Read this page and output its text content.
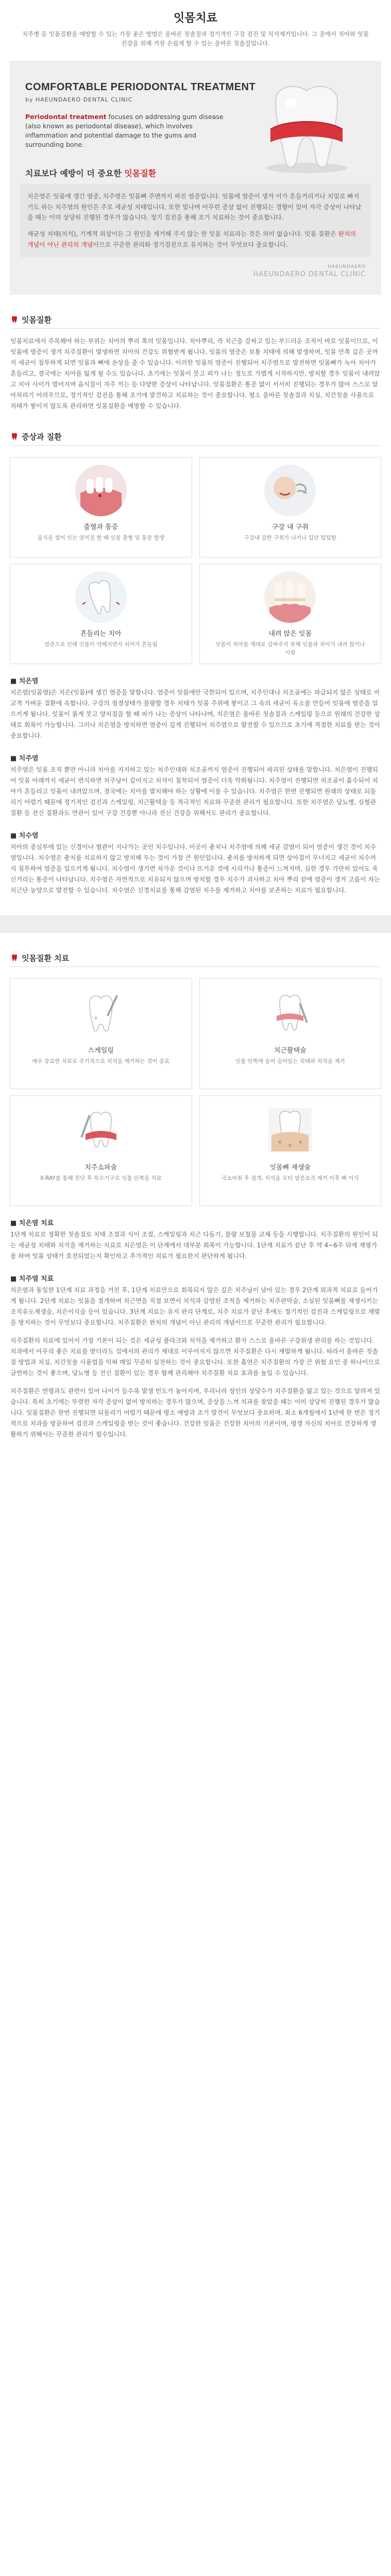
잇몸치료

치주병 등 잇몸질환을 예방할 수 있는 가장 좋은 방법은 올바른 칫솔질과 정기적인 구강 검진 및 치석제거입니다. 그 중에서 치아와 잇몸 건강을 위해 가장 손쉽게 할 수 있는 올바른 칫솔질입니다.

COMFORTABLE PERIODONTAL TREATMENT
by HAEUNDAERO DENTAL CLINIC

Periodontal treatment focuses on addressing gum disease (also known as periodontal disease), which involves inflammation and potential damage to the gums and surrounding bone.

치료보다 예방이 더 중요한 잇몸질환

치은염은 잇몸에 생긴 염증, 치주염은 잇몸뼈 주변까지 퍼진 염증입니다. 잇몸에 염증이 생겨 이가 흔들거리거나 치밀로 빠지기도 하는 치주염의 원인은 주로 세균성 치태입니다. 또한 빛나며 아무런 증상 없이 진행되는 경향이 있어 자각 증상이 나타났을 때는 이미 상당히 진행된 경우가 많습니다. 정기 검진을 통해 조기 치료하는 것이 중요합니다.

세균성 치태(치석), 기계적 외상이든 그 원인을 제거해 주지 않는 한 잇몸 치료라는 것은 의미 없습니다. 잇몸 질환은 완치의 개념이 아닌 관리의 개념이므로 꾸준한 관리와 정기검진으로 유지하는 것이 무엇보다 중요합니다.

HAEUNDAERO
HAEUNDAERO DENTAL CLINIC
잇몸질환

잇몸치료에서 주목해야 하는 부위는 치아의 뿌리 쪽의 잇몸입니다. 치아뿌리, 즉 치근을 감싸고 있는 부드러운 조직이 바로 잇몸이므로, 이 잇몸에 염증이 생겨 치주질환이 발생하면 치아의 건강도 위협받게 됩니다. 잇몸의 염증은 보통 치태에 의해 발생하며, 잇몸 안쪽 깊은 곳까지 세균이 침투하게 되면 잇몸과 뼈에 손상을 줄 수 있습니다. 이러한 잇몸의 염증이 진행되어 치주염으로 발전하면 잇몸뼈가 녹아 치아가 흔들리고, 결국에는 치아를 잃게 될 수도 있습니다. 초기에는 잇몸이 붓고 피가 나는 정도로 가볍게 시작하지만, 방치할 경우 잇몸이 내려앉고 치아 사이가 벌어지며 음식물이 자주 끼는 등 다양한 증상이 나타납니다. 잇몸질환은 통증 없이 서서히 진행되는 경우가 많아 스스로 알아차리기 어려우므로, 정기적인 검진을 통해 조기에 발견하고 치료하는 것이 중요합니다. 평소 올바른 칫솔질과 치실, 치간칫솔 사용으로 치태가 쌓이지 않도록 관리하면 잇몸질환을 예방할 수 있습니다.

증상과 질환
출혈과 통증
음식을 씹어 잇는 양치질 할 때 잇몸 출혈 및 통증 발생
구강 내 구취
구강내 감한 구취가 나거나 입안 텁텁함
흔들리는 치아
염증으로 인해 잇몸이 약해지면서 치아가 흔들림
내려 앉은 잇몸
잇몸이 치아를 제대로 감싸주지 못해 잇몸과 치아가 내려 앉거나 시림
■ 치은염

치은염(잇몸염)은 치은(잇몸)에 생긴 염증을 말합니다. 염증이 잇몸에만 국한되어 있으며, 치주인대나 치조골에는 파급되지 않은 상태로 비교적 가벼운 질환에 속합니다. 구강의 청결상태가 불량할 경우 치태가 잇몸 주위에 쌓이고 그 속의 세균이 독소를 만들어 잇몸에 염증을 일으키게 됩니다. 잇몸이 붉게 붓고 양치질을 할 때 피가 나는 증상이 나타나며, 치은염은 올바른 칫솔질과 스케일링 등으로 원래의 건강한 상태로 회복이 가능합니다. 그러나 치은염을 방치하면 염증이 깊게 진행되어 치주염으로 발전할 수 있으므로 초기에 적절한 치료를 받는 것이 중요합니다.

■ 치주염

치주염은 잇몸 조직 뿐만 아니라 치아를 지지하고 있는 치주인대와 치조골까지 염증이 진행되어 파괴된 상태를 말합니다. 치은염이 진행되어 잇몸 아래까지 세균이 번식하면 치주낭이 깊어지고 치석이 침착되어 염증이 더욱 악화됩니다. 치주염이 진행되면 치조골이 흡수되어 치아가 흔들리고 잇몸이 내려앉으며, 결국에는 치아를 발치해야 하는 상황에 이를 수 있습니다. 치주염은 한번 진행되면 원래의 상태로 되돌리기 어렵기 때문에 정기적인 검진과 스케일링, 치근활택술 등 적극적인 치료와 꾸준한 관리가 필요합니다. 또한 치주염은 당뇨병, 심혈관 질환 등 전신 질환과도 연관이 있어 구강 건강뿐 아니라 전신 건강을 위해서도 관리가 중요합니다.

■ 치수염

치아의 중심부에 있는 신경이나 혈관이 지나가는 곳인 치수입니다. 이곳이 충치나 치주염에 의해 세균 감염이 되어 염증이 생긴 것이 치수염입니다. 치수염은 충치를 치료하지 않고 방치해 두는 것이 가장 큰 원인입니다. 충치를 방치하게 되면 상아질이 무너지고 세균이 치수까지 침투하여 염증을 일으키게 됩니다. 치수염이 생기면 차가운 것이나 뜨거운 것에 시리거나 통증이 느껴지며, 심한 경우 가만히 있어도 욱신거리는 통증이 나타납니다. 치수염은 자연적으로 치유되지 않으며 방치할 경우 치수가 괴사하고 치아 뿌리 끝에 염증이 생겨 고름이 차는 치근단 농양으로 발전할 수 있습니다. 치수염은 신경치료를 통해 감염된 치수를 제거하고 치아를 보존하는 치료가 필요합니다.

잇몸질환 치료
스케일링
매우 중요한 치료로 주기적으로 치석을 제거하는 것이 중요
치근활택술
잇몸 안쪽에 숨어 숨어있는 치태와 치석을 제거
치주소파술
X-RAY를 통해 진단 후 특수기구로 잇몸 안쪽을 치료
잇몸뼈 재생술
국소마취 후 절개, 치석을 모터 염증조직 제거 이후 뼈 이식
■ 치은염 치료

1단계 치료로 정확한 칫솔질로 치태 조절과 식이 조절, 스케일링과 치근 다듬기, 불량 보철물 교체 등을 시행합니다. 치주질환의 원인이 되는 세균성 치태와 치석을 제거하는 치료로 치은염은 이 단계에서 대부분 회복이 가능합니다. 1단계 치료가 끝난 후 약 4~6주 뒤에 재평가를 하여 잇몸 상태가 호전되었는지 확인하고 추가적인 치료가 필요한지 판단하게 됩니다.

■ 치주염 치료

치은염과 동일한 1단계 치료 과정을 거친 후, 1단계 치료만으로 회복되지 않은 깊은 치주낭이 남아 있는 경우 2단계 외과적 치료로 들어가게 됩니다. 2단계 치료는 잇몸을 절개하여 치근면을 직접 보면서 치석과 감염된 조직을 제거하는 치주판막술, 소실된 잇몸뼈를 재생시키는 조직유도재생술, 치은이식술 등이 있습니다. 3단계 치료는 유지 관리 단계로, 치주 치료가 끝난 후에도 정기적인 검진과 스케일링으로 재발을 방지하는 것이 무엇보다 중요합니다. 치주질환은 완치의 개념이 아닌 관리의 개념이므로 꾸준한 관리가 필요합니다.

치주질환의 치료에 있어서 가장 기본이 되는 것은 세균성 플라크와 치석을 제거하고 환자 스스로 올바른 구강위생 관리를 하는 것입니다. 치과에서 아무리 좋은 치료를 받더라도 집에서의 관리가 제대로 이루어지지 않으면 치주질환은 다시 재발하게 됩니다. 따라서 올바른 칫솔질 방법과 치실, 치간칫솔 사용법을 익혀 매일 꾸준히 실천하는 것이 중요합니다. 또한 흡연은 치주질환의 가장 큰 위험 요인 중 하나이므로 금연하는 것이 좋으며, 당뇨병 등 전신 질환이 있는 경우 함께 관리해야 치주질환 치료 효과를 높일 수 있습니다.

치주질환은 연령과도 관련이 있어 나이가 들수록 발생 빈도가 높아지며, 우리나라 성인의 상당수가 치주질환을 앓고 있는 것으로 알려져 있습니다. 특히 초기에는 뚜렷한 자각 증상이 없어 방치하는 경우가 많으며, 증상을 느껴 치과를 찾았을 때는 이미 상당히 진행된 경우가 많습니다. 잇몸질환은 한번 진행되면 되돌리기 어렵기 때문에 평소 예방과 조기 발견이 무엇보다 중요하며, 최소 6개월에서 1년에 한 번은 정기적으로 치과를 방문하여 검진과 스케일링을 받는 것이 좋습니다. 건강한 잇몸은 건강한 치아의 기본이며, 평생 자신의 치아로 건강하게 생활하기 위해서는 꾸준한 관리가 필수입니다.
